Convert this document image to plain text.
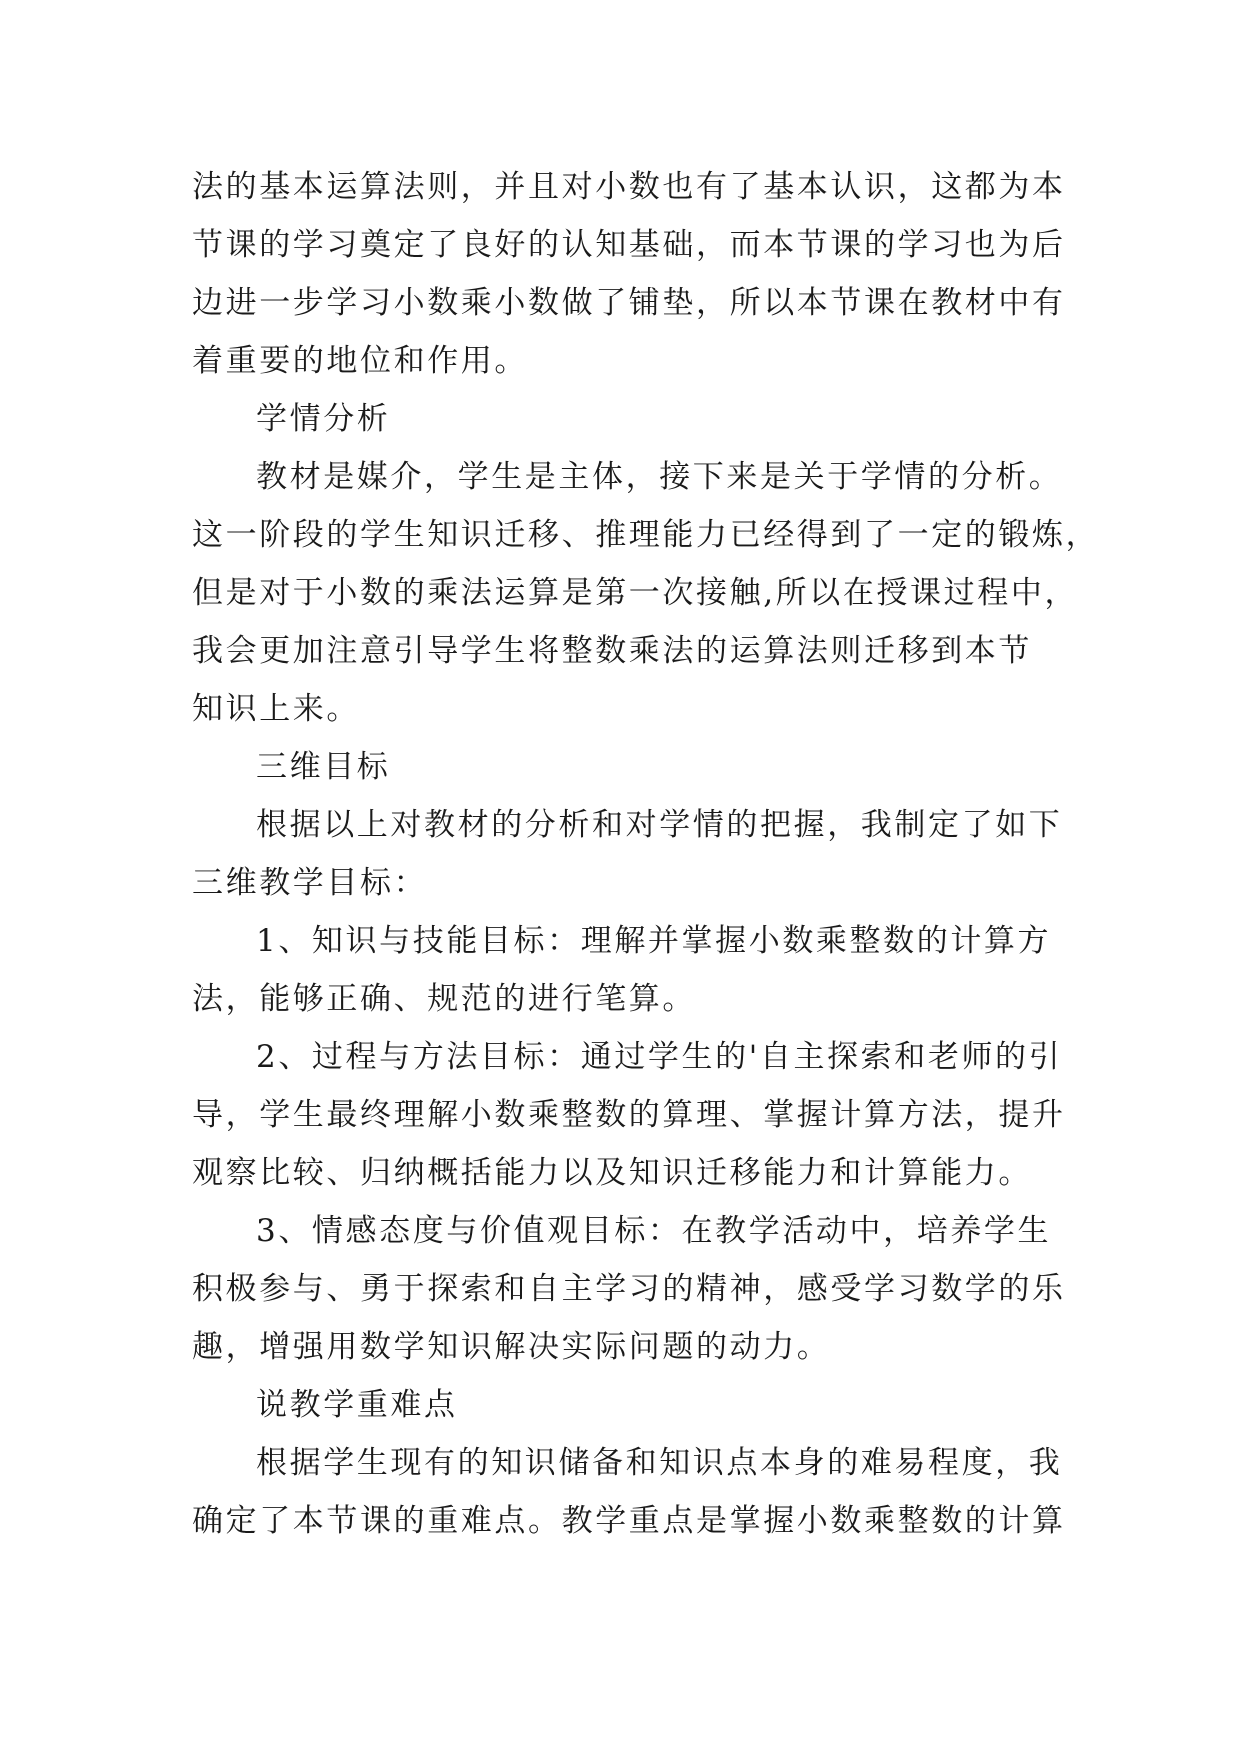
法的基本运算法则，并且对小数也有了基本认识，这都为本
节课的学习奠定了良好的认知基础，而本节课的学习也为后
边进一步学习小数乘小数做了铺垫，所以本节课在教材中有
着重要的地位和作用。
学情分析
教材是媒介，学生是主体，接下来是关于学情的分析。
这一阶段的学生知识迁移、推理能力已经得到了一定的锻炼，
但是对于小数的乘法运算是第一次接触,所以在授课过程中，
我会更加注意引导学生将整数乘法的运算法则迁移到本节
知识上来。
三维目标
根据以上对教材的分析和对学情的把握，我制定了如下
三维教学目标：
1、知识与技能目标：理解并掌握小数乘整数的计算方
法，能够正确、规范的进行笔算。
2、过程与方法目标：通过学生的'自主探索和老师的引
导，学生最终理解小数乘整数的算理、掌握计算方法，提升
观察比较、归纳概括能力以及知识迁移能力和计算能力。
3、情感态度与价值观目标：在教学活动中，培养学生
积极参与、勇于探索和自主学习的精神，感受学习数学的乐
趣，增强用数学知识解决实际问题的动力。
说教学重难点
根据学生现有的知识储备和知识点本身的难易程度，我
确定了本节课的重难点。教学重点是掌握小数乘整数的计算
